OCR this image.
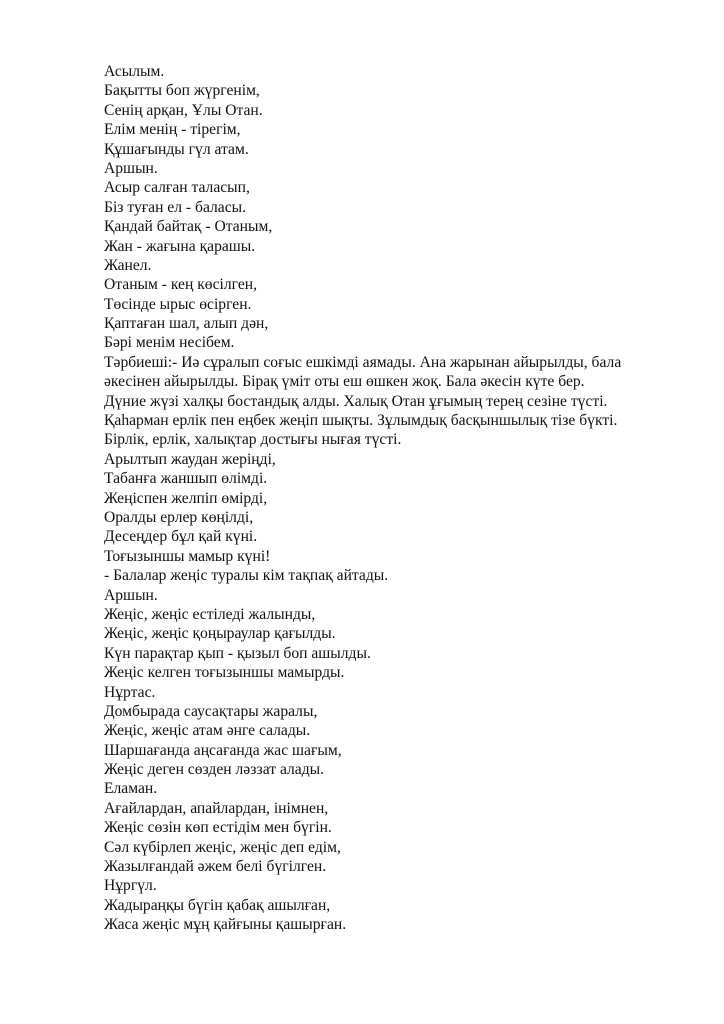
Асылым.
Бақытты боп жүргенім,
Сенің арқан, Ұлы Отан.
Елім менің - тірегім,
Құшағынды гүл атам.
Аршын.
Асыр салған таласып,
Біз туған ел - баласы.
Қандай байтақ - Отаным,
Жан - жағына қарашы.
Жанел.
Отаным - кең көсілген,
Төсінде ырыс өсірген.
Қаптаған шал, алып дән,
Бәрі менім несібем.
Тәрбиеші:- Иә сұралып соғыс ешкімді аямады. Ана жарынан айырылды, бала
әкесінен айырылды. Бірақ үміт оты еш өшкен жоқ. Бала әкесін күте бер.
Дүние жүзі халқы бостандық алды. Халық Отан ұғымың терең сезіне түсті.
Қаһарман ерлік пен еңбек жеңіп шықты. Зұлымдық басқыншылық тізе бүкті.
Бірлік, ерлік, халықтар достығы нығая түсті.
Арылтып жаудан жеріңді,
Табанға жаншып өлімді.
Жеңіспен желпіп өмірді,
Оралды ерлер көңілді,
Десеңдер бұл қай күні.
Тоғызыншы мамыр күні!
- Балалар жеңіс туралы кім тақпақ айтады.
Аршын.
Жеңіс, жеңіс естіледі жалынды,
Жеңіс, жеңіс қоңыраулар қағылды.
Күн парақтар қып - қызыл боп ашылды.
Жеңіс келген тоғызыншы мамырды.
Нұртас.
Домбырада саусақтары жаралы,
Жеңіс, жеңіс атам әнге салады.
Шаршағанда аңсағанда жас шағым,
Жеңіс деген сөзден ләззат алады.
Еламан.
Ағайлардан, апайлардан, інімнен,
Жеңіс сөзін көп естідім мен бүгін.
Сәл күбірлеп жеңіс, жеңіс деп едім,
Жазылғандай әжем белі бүгілген.
Нұргүл.
Жадыраңқы бүгін қабақ ашылған,
Жаса жеңіс мұң қайғыны қашырған.
